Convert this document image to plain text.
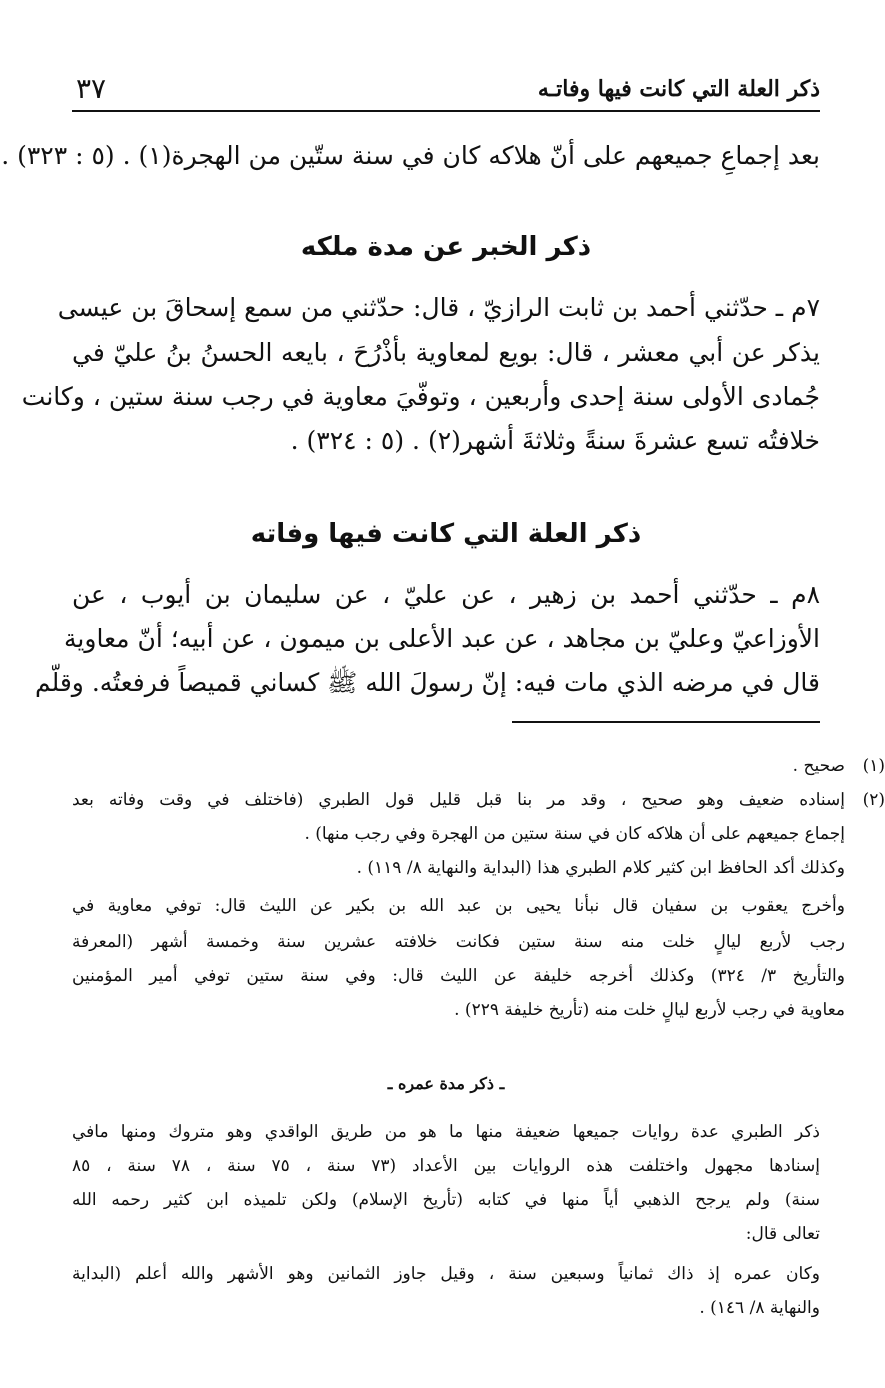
ذكر العلة التي كانت فيها وفاتـه
٣٧
بعد إجماعِ جميعهم على أنّ هلاكه كان في سنة ستّين من الهجرة(١) . (٥ : ٣٢٣) .
ذكر الخبر عن مدة ملكه
٧م ـ حدّثني أحمد بن ثابت الرازيّ ، قال: حدّثني من سمع إسحاقَ بن عيسى
يذكر عن أبي معشر ، قال: بويع لمعاوية بأذْرُحَ ، بايعه الحسنُ بنُ عليّ في
جُمادى الأولى سنة إحدى وأربعين ، وتوفّيَ معاوية في رجب سنة ستين ، وكانت
خلافتُه تسع عشرةَ سنةً وثلاثةَ أشهر(٢) . (٥ : ٣٢٤) .
ذكر العلة التي كانت فيها وفاته
٨م ـ حدّثني أحمد بن زهير ، عن عليّ ، عن سليمان بن أيوب ، عن
الأوزاعيّ وعليّ بن مجاهد ، عن عبد الأعلى بن ميمون ، عن أبيه؛ أنّ معاوية
قال في مرضه الذي مات فيه: إنّ رسولَ الله ﷺ كساني قميصاً فرفعتُه. وقلّم
(١)
صحيح .
(٢)
إسناده ضعيف وهو صحيح ، وقد مر بنا قبل قليل قول الطبري (فاختلف في وقت وفاته بعد
إجماع جميعهم على أن هلاكه كان في سنة ستين من الهجرة وفي رجب منها) .
وكذلك أكد الحافظ ابن كثير كلام الطبري هذا (البداية والنهاية ٨/ ١١٩) .
وأخرج يعقوب بن سفيان قال نبأنا يحيى بن عبد الله بن بكير عن الليث قال: توفي معاوية في
رجب لأربع ليالٍ خلت منه سنة ستين فكانت خلافته عشرين سنة وخمسة أشهر (المعرفة
والتأريخ ٣/ ٣٢٤) وكذلك أخرجه خليفة عن الليث قال: وفي سنة ستين توفي أمير المؤمنين
معاوية في رجب لأربع ليالٍ خلت منه (تأريخ خليفة ٢٢٩) .
ـ ذكر مدة عمره ـ
ذكر الطبري عدة روايات جميعها ضعيفة منها ما هو من طريق الواقدي وهو متروك ومنها مافي
إسنادها مجهول واختلفت هذه الروايات بين الأعداد (٧٣ سنة ، ٧٥ سنة ، ٧٨ سنة ، ٨٥
سنة) ولم يرجح الذهبي أياً منها في كتابه (تأريخ الإسلام) ولكن تلميذه ابن كثير رحمه الله
تعالى قال:
وكان عمره إذ ذاك ثمانياً وسبعين سنة ، وقيل جاوز الثمانين وهو الأشهر والله أعلم (البداية
والنهاية ٨/ ١٤٦) .
